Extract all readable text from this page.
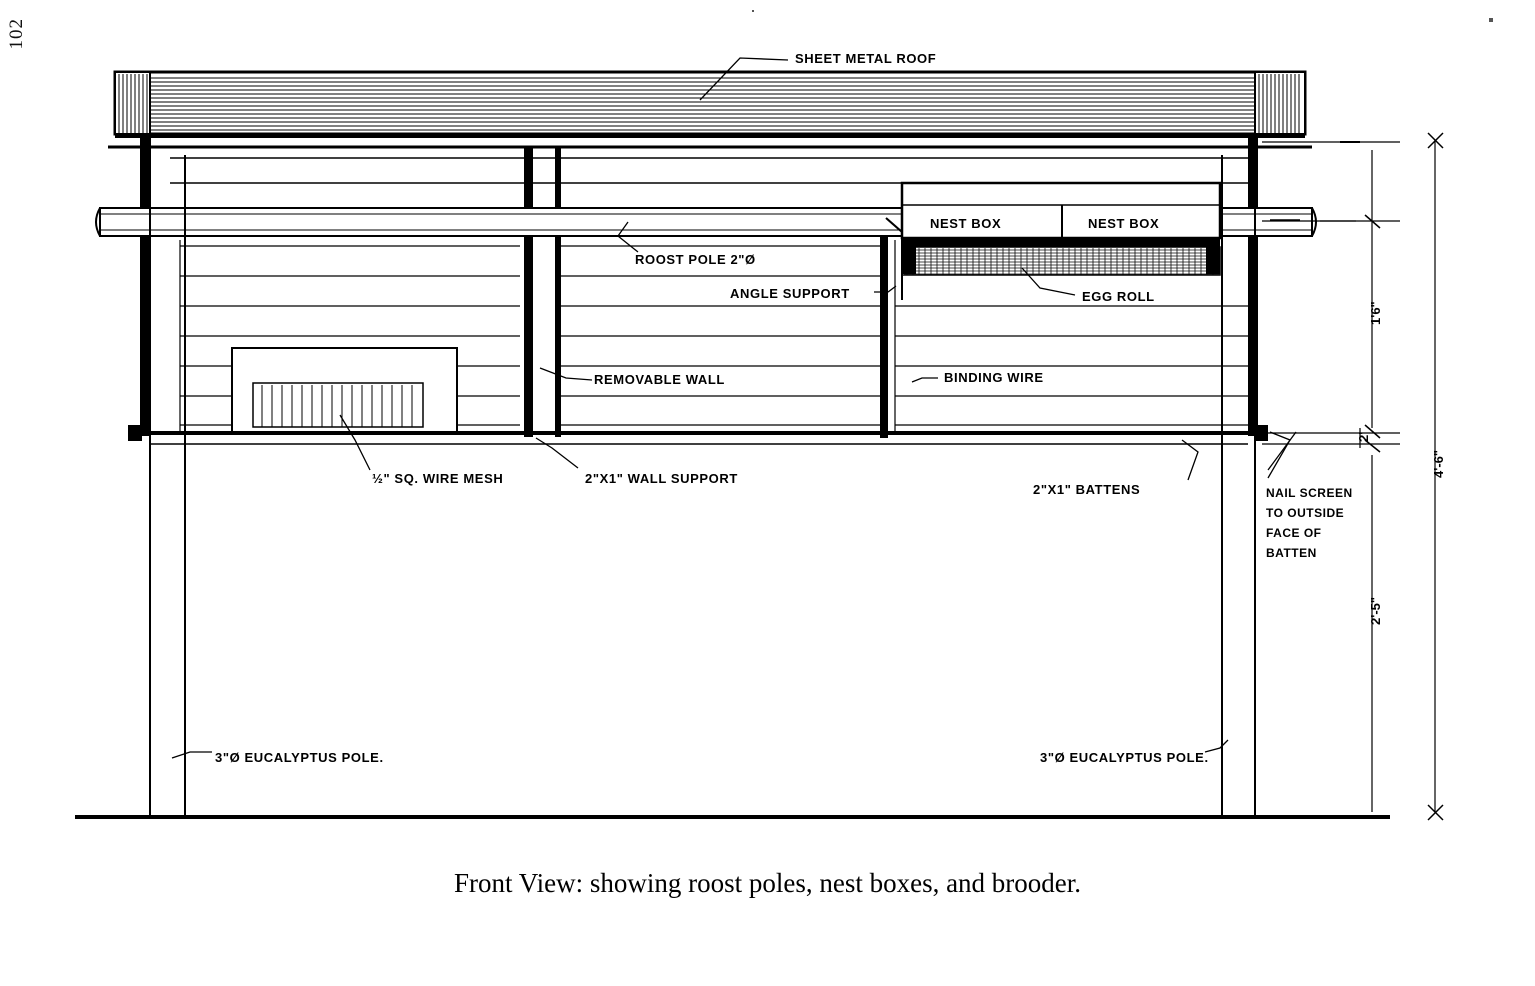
102
SHEET METAL ROOF
NEST BOX	NEST BOX
ROOST POLE 2"Ø
ANGLE SUPPORT	EGG ROLL
REMOVABLE WALL	BINDING WIRE
½" SQ. WIRE MESH	2"X1" WALL SUPPORT
2"X1" BATTENS	NAIL SCREEN
TO OUTSIDE
FACE OF
BATTEN
3"Ø EUCALYPTUS POLE.	3"Ø EUCALYPTUS POLE.
1'6"
2'
4'-6"
2'-5"
Front View: showing roost poles, nest boxes, and brooder.
